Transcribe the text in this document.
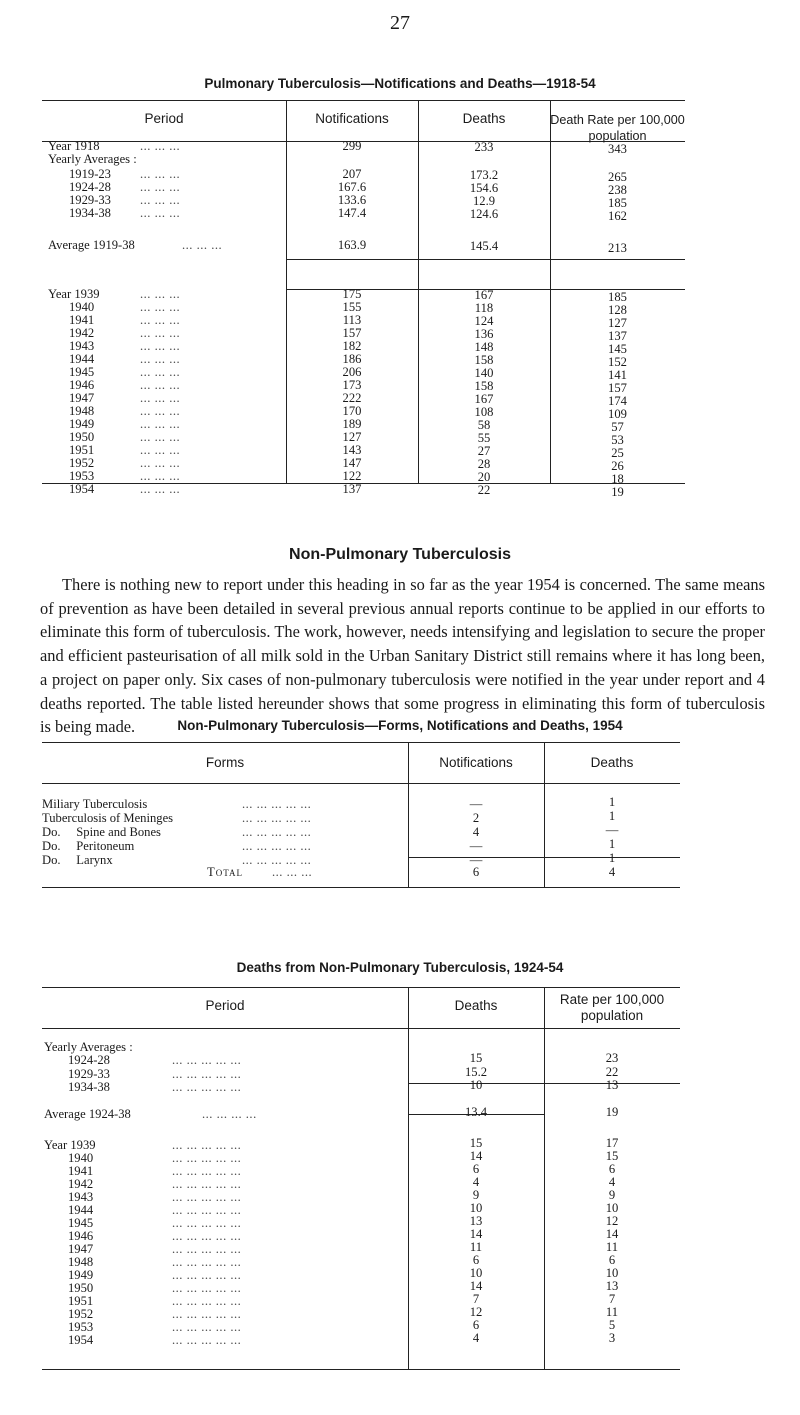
27
Pulmonary Tuberculosis—Notifications and Deaths—1918-54
Period	Notifications	Deaths	Death Rate per 100,000 population
Year 1918	... ... ...	299	233	343
Yearly Averages :
1919-23 ... ... ...	207	173.2	265
1924-28 ... ... ...	167.6	154.6	238
1929-33 ... ... ...	133.6	12.9	185
1934-38 ... ... ...	147.4	124.6	162
Average 1919-38	... ... ...	163.9	145.4	213
Year 1939	... ... ...	175	167	185
1940	... ... ...	155	118	128
1941	... ... ...	113	124	127
1942	... ... ...	157	136	137
1943	... ... ...	182	148	145
1944	... ... ...	186	158	152
1945	... ... ...	206	140	141
1946	... ... ...	173	158	157
1947	... ... ...	222	167	174
1948	... ... ...	170	108	109
1949	... ... ...	189	58	57
1950	... ... ...	127	55	53
1951	... ... ...	143	27	25
1952	... ... ...	147	28	26
1953	... ... ...	122	20	18
1954	... ... ...	137	22	19
Non-Pulmonary Tuberculosis

There is nothing new to report under this heading in so far as the year 1954 is concerned. The same means of prevention as have been detailed in several previous annual reports continue to be applied in our efforts to eliminate this form of tuberculosis. The work, however, needs intensifying and legislation to secure the proper and efficient pasteurisation of all milk sold in the Urban Sanitary District still remains where it has long been, a project on paper only. Six cases of non-pulmonary tuberculosis were notified in the year under report and 4 deaths reported. The table listed hereunder shows that some progress in eliminating this form of tuberculosis is being made.	Non-Pulmonary Tuberculosis—Forms, Notifications and Deaths, 1954
Forms	Notifications	Deaths
Miliary Tuberculosis	... ... ... ... ...	—	1
Tuberculosis of Meninges	... ... ... ... ...	2	1
Do.     Spine and Bones	... ... ... ... ...	4	—
Do.     Peritoneum	... ... ... ... ...	—	1
Do.     Larynx	... ... ... ... ...	—	1
Total ... ... ...	6	4
Deaths from Non-Pulmonary Tuberculosis, 1924-54
Period	Deaths	Rate per 100,000 population
Yearly Averages :
1924-28	... ... ... ... ...	15	23
1929-33	... ... ... ... ...	15.2	22
1934-38	... ... ... ... ...	10	13
Average 1924-38	... ... ... ...	13.4	19
Year 1939	... ... ... ... ...	15	17
1940	... ... ... ... ...	14	15
1941	... ... ... ... ...	6	6
1942	... ... ... ... ...	4	4
1943	... ... ... ... ...	9	9
1944	... ... ... ... ...	10	10
1945	... ... ... ... ...	13	12
1946	... ... ... ... ...	14	14
1947	... ... ... ... ...	11	11
1948	... ... ... ... ...	6	6
1949	... ... ... ... ...	10	10
1950	... ... ... ... ...	14	13
1951	... ... ... ... ...	7	7
1952	... ... ... ... ...	12	11
1953	... ... ... ... ...	6	5
1954	... ... ... ... ...	4	3
